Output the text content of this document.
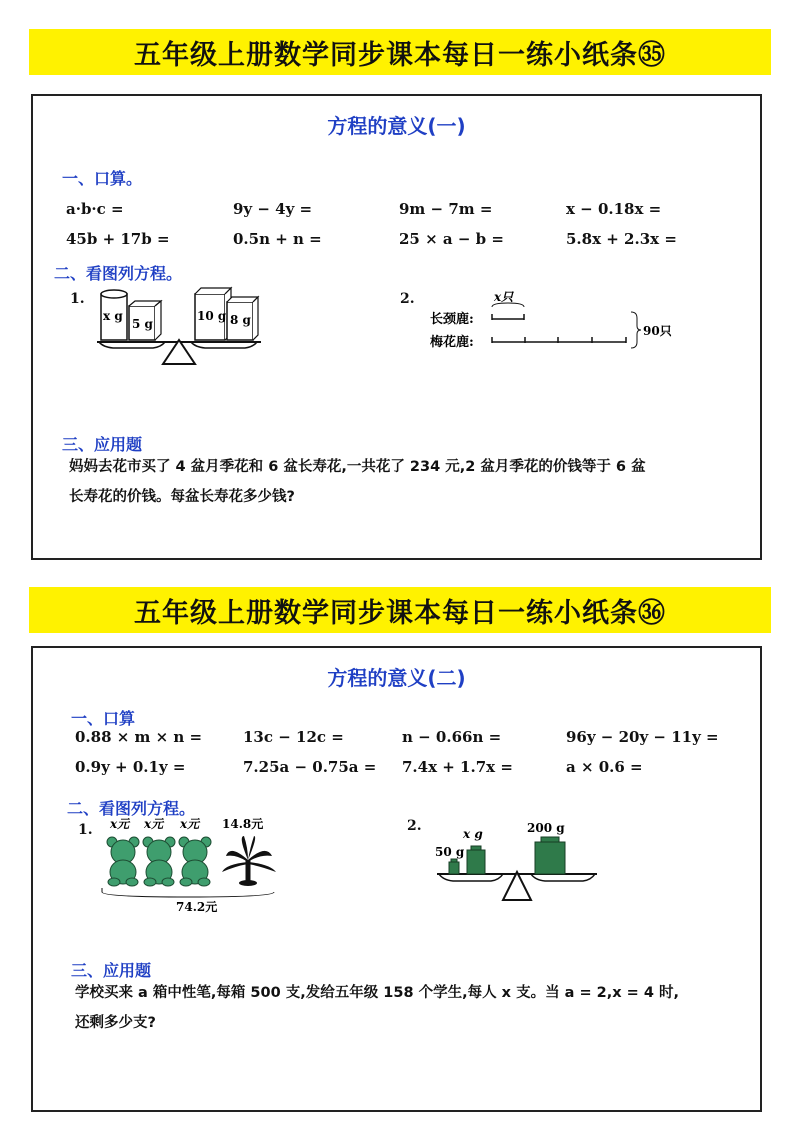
五年级上册数学同步课本每日一练小纸条㉟
方程的意义(一)
一、口算。
a·b·c =	9y − 4y =	9m − 7m =	x − 0.18x =
45b + 17b =	0.5n + n =	25 × a − b =	5.8x + 2.3x =
二、看图列方程。
1.
x g
5 g
10 g 8 g
2.	x只
长颈鹿:
梅花鹿:
90只
三、应用题
妈妈去花市买了 4 盆月季花和 6 盆长寿花,一共花了 234 元,2 盆月季花的价钱等于 6 盆
长寿花的价钱。每盆长寿花多少钱?
五年级上册数学同步课本每日一练小纸条㊱
方程的意义(二)
一、口算
0.88 × m × n =	13c − 12c =	n − 0.66n =	96y − 20y − 11y =
0.9y + 0.1y =	7.25a − 0.75a = 7.4x + 1.7x =	a × 0.6 =
二、看图列方程。
1. x元 x元 x元 14.8元
74.2元
2.
50 g
x g	200 g
三、应用题
学校买来 a 箱中性笔,每箱 500 支,发给五年级 158 个学生,每人 x 支。当 a = 2,x = 4 时,
还剩多少支?
